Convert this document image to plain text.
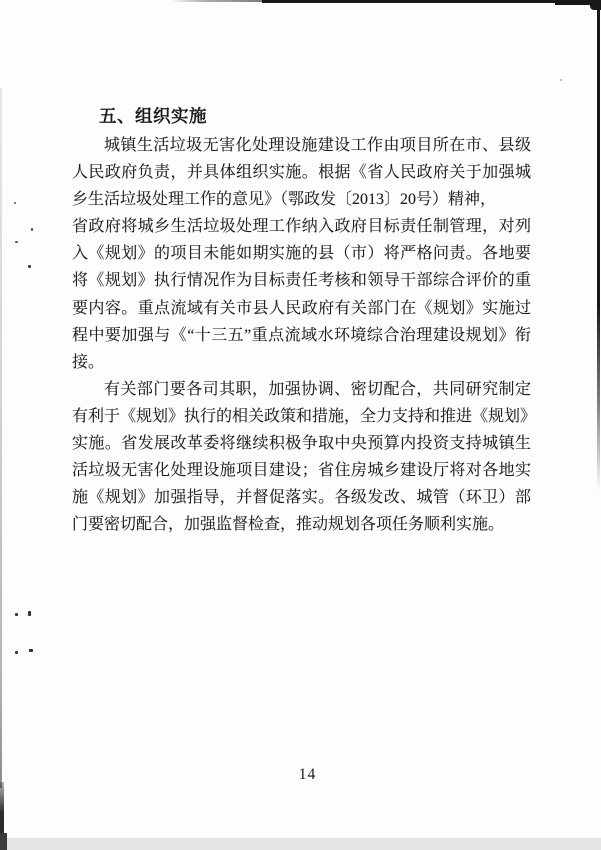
五、组织实施
城镇生活垃圾无害化处理设施建设工作由项目所在市、县级
人民政府负责，并具体组织实施。根据《省人民政府关于加强城
乡生活垃圾处理工作的意见》（鄂政发〔2013〕20号）精神，
省政府将城乡生活垃圾处理工作纳入政府目标责任制管理，对列
入《规划》的项目未能如期实施的县（市）将严格问责。各地要
将《规划》执行情况作为目标责任考核和领导干部综合评价的重
要内容。重点流域有关市县人民政府有关部门在《规划》实施过
程中要加强与《“十三五”重点流域水环境综合治理建设规划》衔
接。
有关部门要各司其职，加强协调、密切配合，共同研究制定
有利于《规划》执行的相关政策和措施，全力支持和推进《规划》
实施。省发展改革委将继续积极争取中央预算内投资支持城镇生
活垃圾无害化处理设施项目建设；省住房城乡建设厅将对各地实
施《规划》加强指导，并督促落实。各级发改、城管（环卫）部
门要密切配合，加强监督检查，推动规划各项任务顺利实施。
14
